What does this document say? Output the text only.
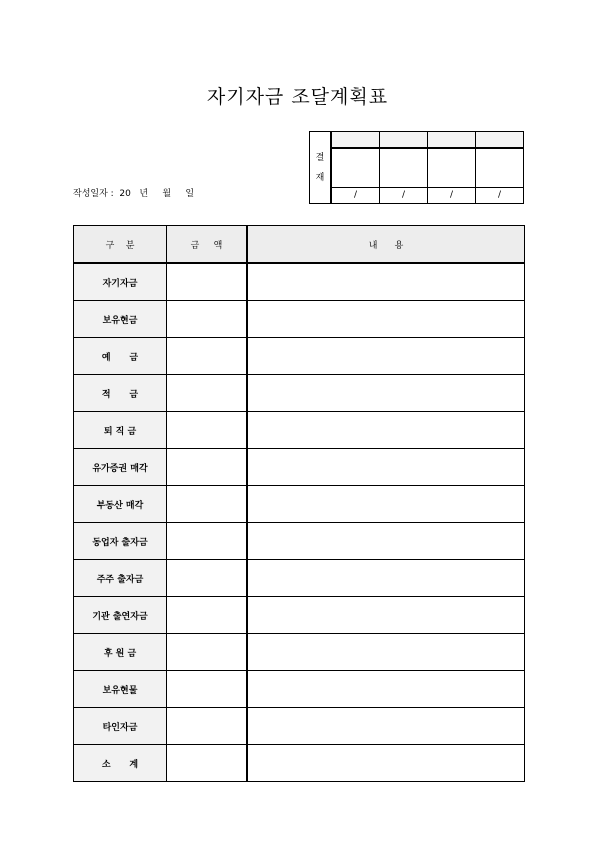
자기자금 조달계획표
작성일자 :  20   년     월     일
결
재				

	/	/	/	/
구    분	금     액	내      용
자기자금		
보유현금		
예      금		
적      금		
퇴 직 금		
유가증권 매각		
부동산 매각		
동업자 출자금		
주주 출자금		
기관 출연자금		
후 원 금		
보유현물		
타인자금		
소      계		
